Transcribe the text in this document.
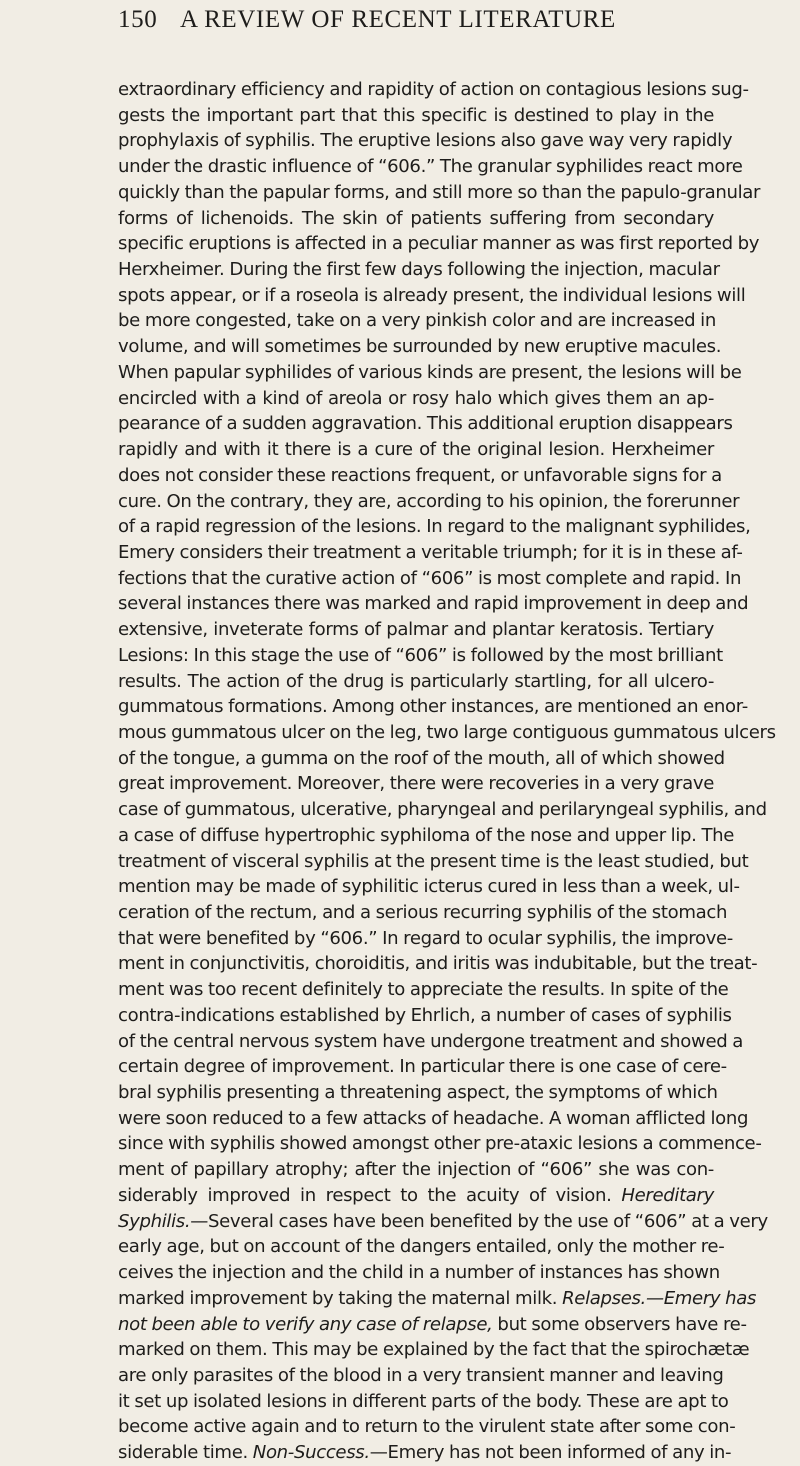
150 A REVIEW OF RECENT LITERATURE
extraordinary efficiency and rapidity of action on contagious lesions sug-
gests the important part that this specific is destined to play in the
prophylaxis of syphilis. The eruptive lesions also gave way very rapidly
under the drastic influence of “606.” The granular syphilides react more
quickly than the papular forms, and still more so than the papulo-granular
forms of lichenoids. The skin of patients suffering from secondary
specific eruptions is affected in a peculiar manner as was first reported by
Herxheimer. During the first few days following the injection, macular
spots appear, or if a roseola is already present, the individual lesions will
be more congested, take on a very pinkish color and are increased in
volume, and will sometimes be surrounded by new eruptive macules.
When papular syphilides of various kinds are present, the lesions will be
encircled with a kind of areola or rosy halo which gives them an ap-
pearance of a sudden aggravation. This additional eruption disappears
rapidly and with it there is a cure of the original lesion. Herxheimer
does not consider these reactions frequent, or unfavorable signs for a
cure. On the contrary, they are, according to his opinion, the forerunner
of a rapid regression of the lesions. In regard to the malignant syphilides,
Emery considers their treatment a veritable triumph; for it is in these af-
fections that the curative action of “606” is most complete and rapid. In
several instances there was marked and rapid improvement in deep and
extensive, inveterate forms of palmar and plantar keratosis. Tertiary
Lesions: In this stage the use of “606” is followed by the most brilliant
results. The action of the drug is particularly startling, for all ulcero-
gummatous formations. Among other instances, are mentioned an enor-
mous gummatous ulcer on the leg, two large contiguous gummatous ulcers
of the tongue, a gumma on the roof of the mouth, all of which showed
great improvement. Moreover, there were recoveries in a very grave
case of gummatous, ulcerative, pharyngeal and perilaryngeal syphilis, and
a case of diffuse hypertrophic syphiloma of the nose and upper lip. The
treatment of visceral syphilis at the present time is the least studied, but
mention may be made of syphilitic icterus cured in less than a week, ul-
ceration of the rectum, and a serious recurring syphilis of the stomach
that were benefited by “606.” In regard to ocular syphilis, the improve-
ment in conjunctivitis, choroiditis, and iritis was indubitable, but the treat-
ment was too recent definitely to appreciate the results. In spite of the
contra-indications established by Ehrlich, a number of cases of syphilis
of the central nervous system have undergone treatment and showed a
certain degree of improvement. In particular there is one case of cere-
bral syphilis presenting a threatening aspect, the symptoms of which
were soon reduced to a few attacks of headache. A woman afflicted long
since with syphilis showed amongst other pre-ataxic lesions a commence-
ment of papillary atrophy; after the injection of “606” she was con-
siderably improved in respect to the acuity of vision. Hereditary
Syphilis.—Several cases have been benefited by the use of “606” at a very
early age, but on account of the dangers entailed, only the mother re-
ceives the injection and the child in a number of instances has shown
marked improvement by taking the maternal milk. Relapses.—Emery has
not been able to verify any case of relapse, but some observers have re-
marked on them. This may be explained by the fact that the spirochætæ
are only parasites of the blood in a very transient manner and leaving
it set up isolated lesions in different parts of the body. These are apt to
become active again and to return to the virulent state after some con-
siderable time. Non-Success.—Emery has not been informed of any in-
